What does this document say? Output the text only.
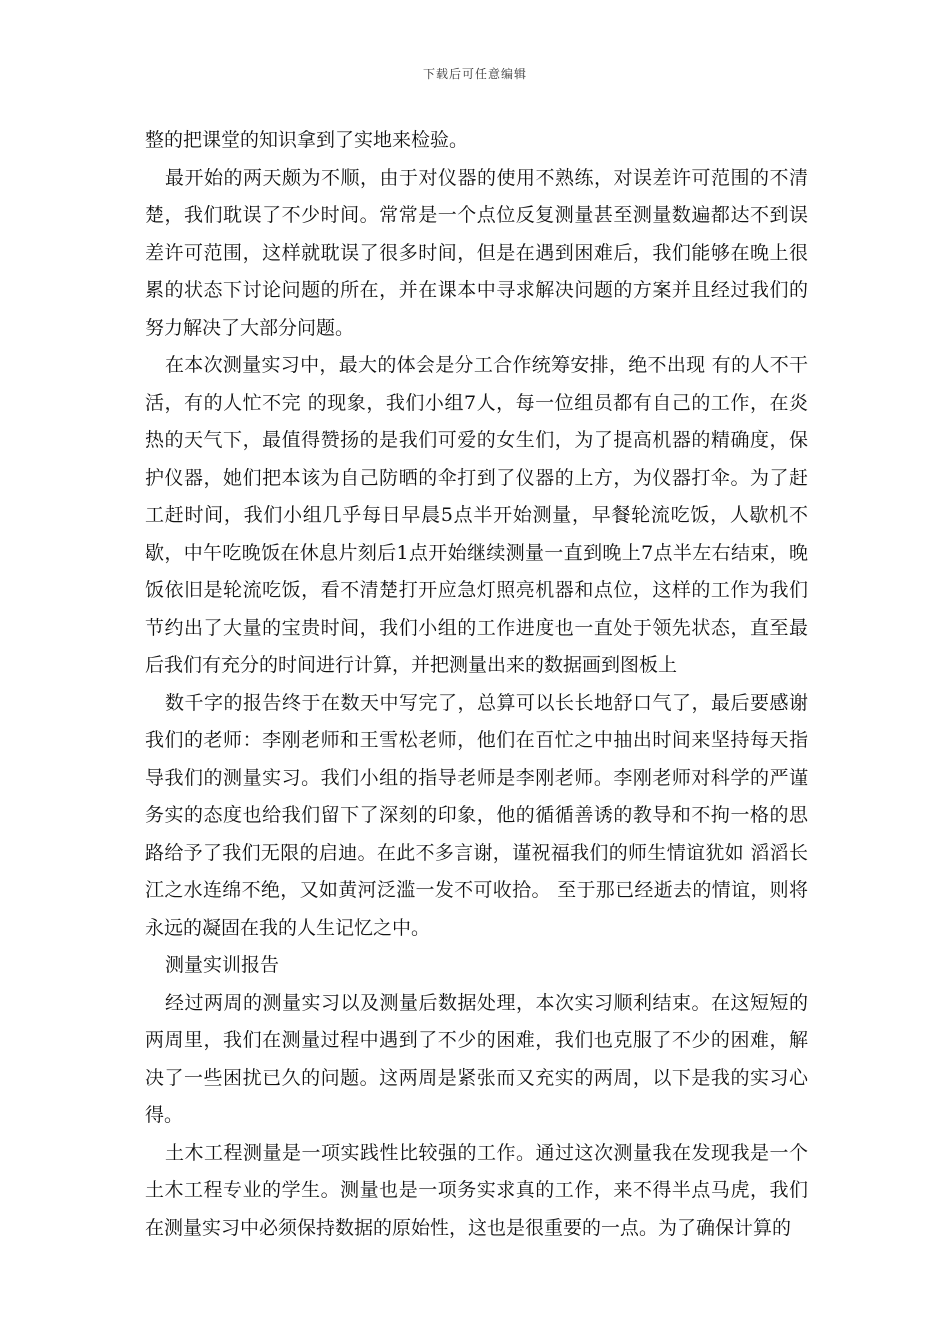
下载后可任意编辑

整的把课堂的知识拿到了实地来检验。

最开始的两天颇为不顺，由于对仪器的使用不熟练，对误差许可范围的不清楚，我们耽误了不少时间。常常是一个点位反复测量甚至测量数遍都达不到误差许可范围，这样就耽误了很多时间，但是在遇到困难后，我们能够在晚上很累的状态下讨论问题的所在，并在课本中寻求解决问题的方案并且经过我们的努力解决了大部分问题。

在本次测量实习中，最大的体会是分工合作统筹安排，绝不出现 有的人不干活，有的人忙不完 的现象，我们小组7人，每一位组员都有自己的工作，在炎热的天气下，最值得赞扬的是我们可爱的女生们，为了提高机器的精确度，保护仪器，她们把本该为自己防晒的伞打到了仪器的上方，为仪器打伞。为了赶工赶时间，我们小组几乎每日早晨5点半开始测量，早餐轮流吃饭，人歇机不歇，中午吃晚饭在休息片刻后1点开始继续测量一直到晚上7点半左右结束，晚饭依旧是轮流吃饭，看不清楚打开应急灯照亮机器和点位，这样的工作为我们节约出了大量的宝贵时间，我们小组的工作进度也一直处于领先状态，直至最后我们有充分的时间进行计算，并把测量出来的数据画到图板上

数千字的报告终于在数天中写完了，总算可以长长地舒口气了，最后要感谢我们的老师：李刚老师和王雪松老师，他们在百忙之中抽出时间来坚持每天指导我们的测量实习。我们小组的指导老师是李刚老师。李刚老师对科学的严谨务实的态度也给我们留下了深刻的印象，他的循循善诱的教导和不拘一格的思路给予了我们无限的启迪。在此不多言谢，谨祝福我们的师生情谊犹如 滔滔长江之水连绵不绝，又如黄河泛滥一发不可收拾。 至于那已经逝去的情谊，则将永远的凝固在我的人生记忆之中。

测量实训报告

经过两周的测量实习以及测量后数据处理，本次实习顺利结束。在这短短的两周里，我们在测量过程中遇到了不少的困难，我们也克服了不少的困难，解决了一些困扰已久的问题。这两周是紧张而又充实的两周，以下是我的实习心得。

土木工程测量是一项实践性比较强的工作。通过这次测量我在发现我是一个土木工程专业的学生。测量也是一项务实求真的工作，来不得半点马虎，我们在测量实习中必须保持数据的原始性，这也是很重要的一点。为了确保计算的
